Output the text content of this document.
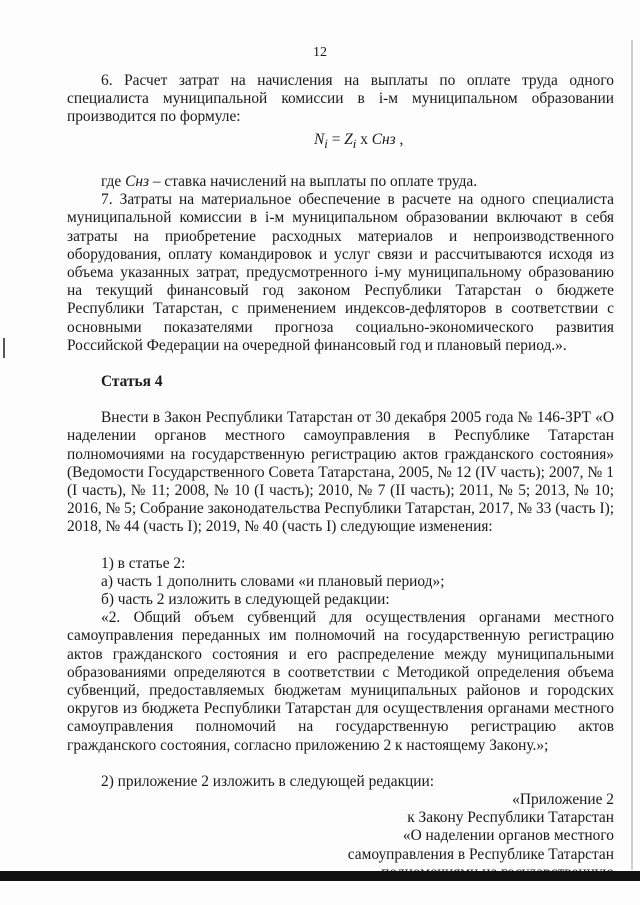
12

6. Расчет затрат на начисления на выплаты по оплате труда одного специалиста муниципальной комиссии в i-м муниципальном образовании производится по формуле:

$N_i = Z_i$ х Снз ,

где Снз – ставка начислений на выплаты по оплате труда.

7. Затраты на материальное обеспечение в расчете на одного специалиста муниципальной комиссии в i-м муниципальном образовании включают в себя затраты на приобретение расходных материалов и непроизводственного оборудования, оплату командировок и услуг связи и рассчитываются исходя из объема указанных затрат, предусмотренного i-му муниципальному образованию на текущий финансовый год законом Республики Татарстан о бюджете Республики Татарстан, с применением индексов-дефляторов в соответствии с основными показателями прогноза социально-экономического развития Российской Федерации на очередной финансовый год и плановый период.».

Статья 4

Внести в Закон Республики Татарстан от 30 декабря 2005 года № 146-ЗРТ «О наделении органов местного самоуправления в Республике Татарстан полномочиями на государственную регистрацию актов гражданского состояния» (Ведомости Государственного Совета Татарстана, 2005, № 12 (IV часть); 2007, № 1 (I часть), № 11; 2008, № 10 (I часть); 2010, № 7 (II часть); 2011, № 5; 2013, № 10; 2016, № 5; Собрание законодательства Республики Татарстан, 2017, № 33 (часть I); 2018, № 44 (часть I); 2019, № 40 (часть I) следующие изменения:

1) в статье 2:

а) часть 1 дополнить словами «и плановый период»;

б) часть 2 изложить в следующей редакции:

«2. Общий объем субвенций для осуществления органами местного самоуправления переданных им полномочий на государственную регистрацию актов гражданского состояния и его распределение между муниципальными образованиями определяются в соответствии с Методикой определения объема субвенций, предоставляемых бюджетам муниципальных районов и городских округов из бюджета Республики Татарстан для осуществления органами местного самоуправления полномочий на государственную регистрацию актов гражданского состояния, согласно приложению 2 к настоящему Закону.»;

2) приложение 2 изложить в следующей редакции:

«Приложение 2

к Закону Республики Татарстан

«О наделении органов местного

самоуправления в Республике Татарстан
